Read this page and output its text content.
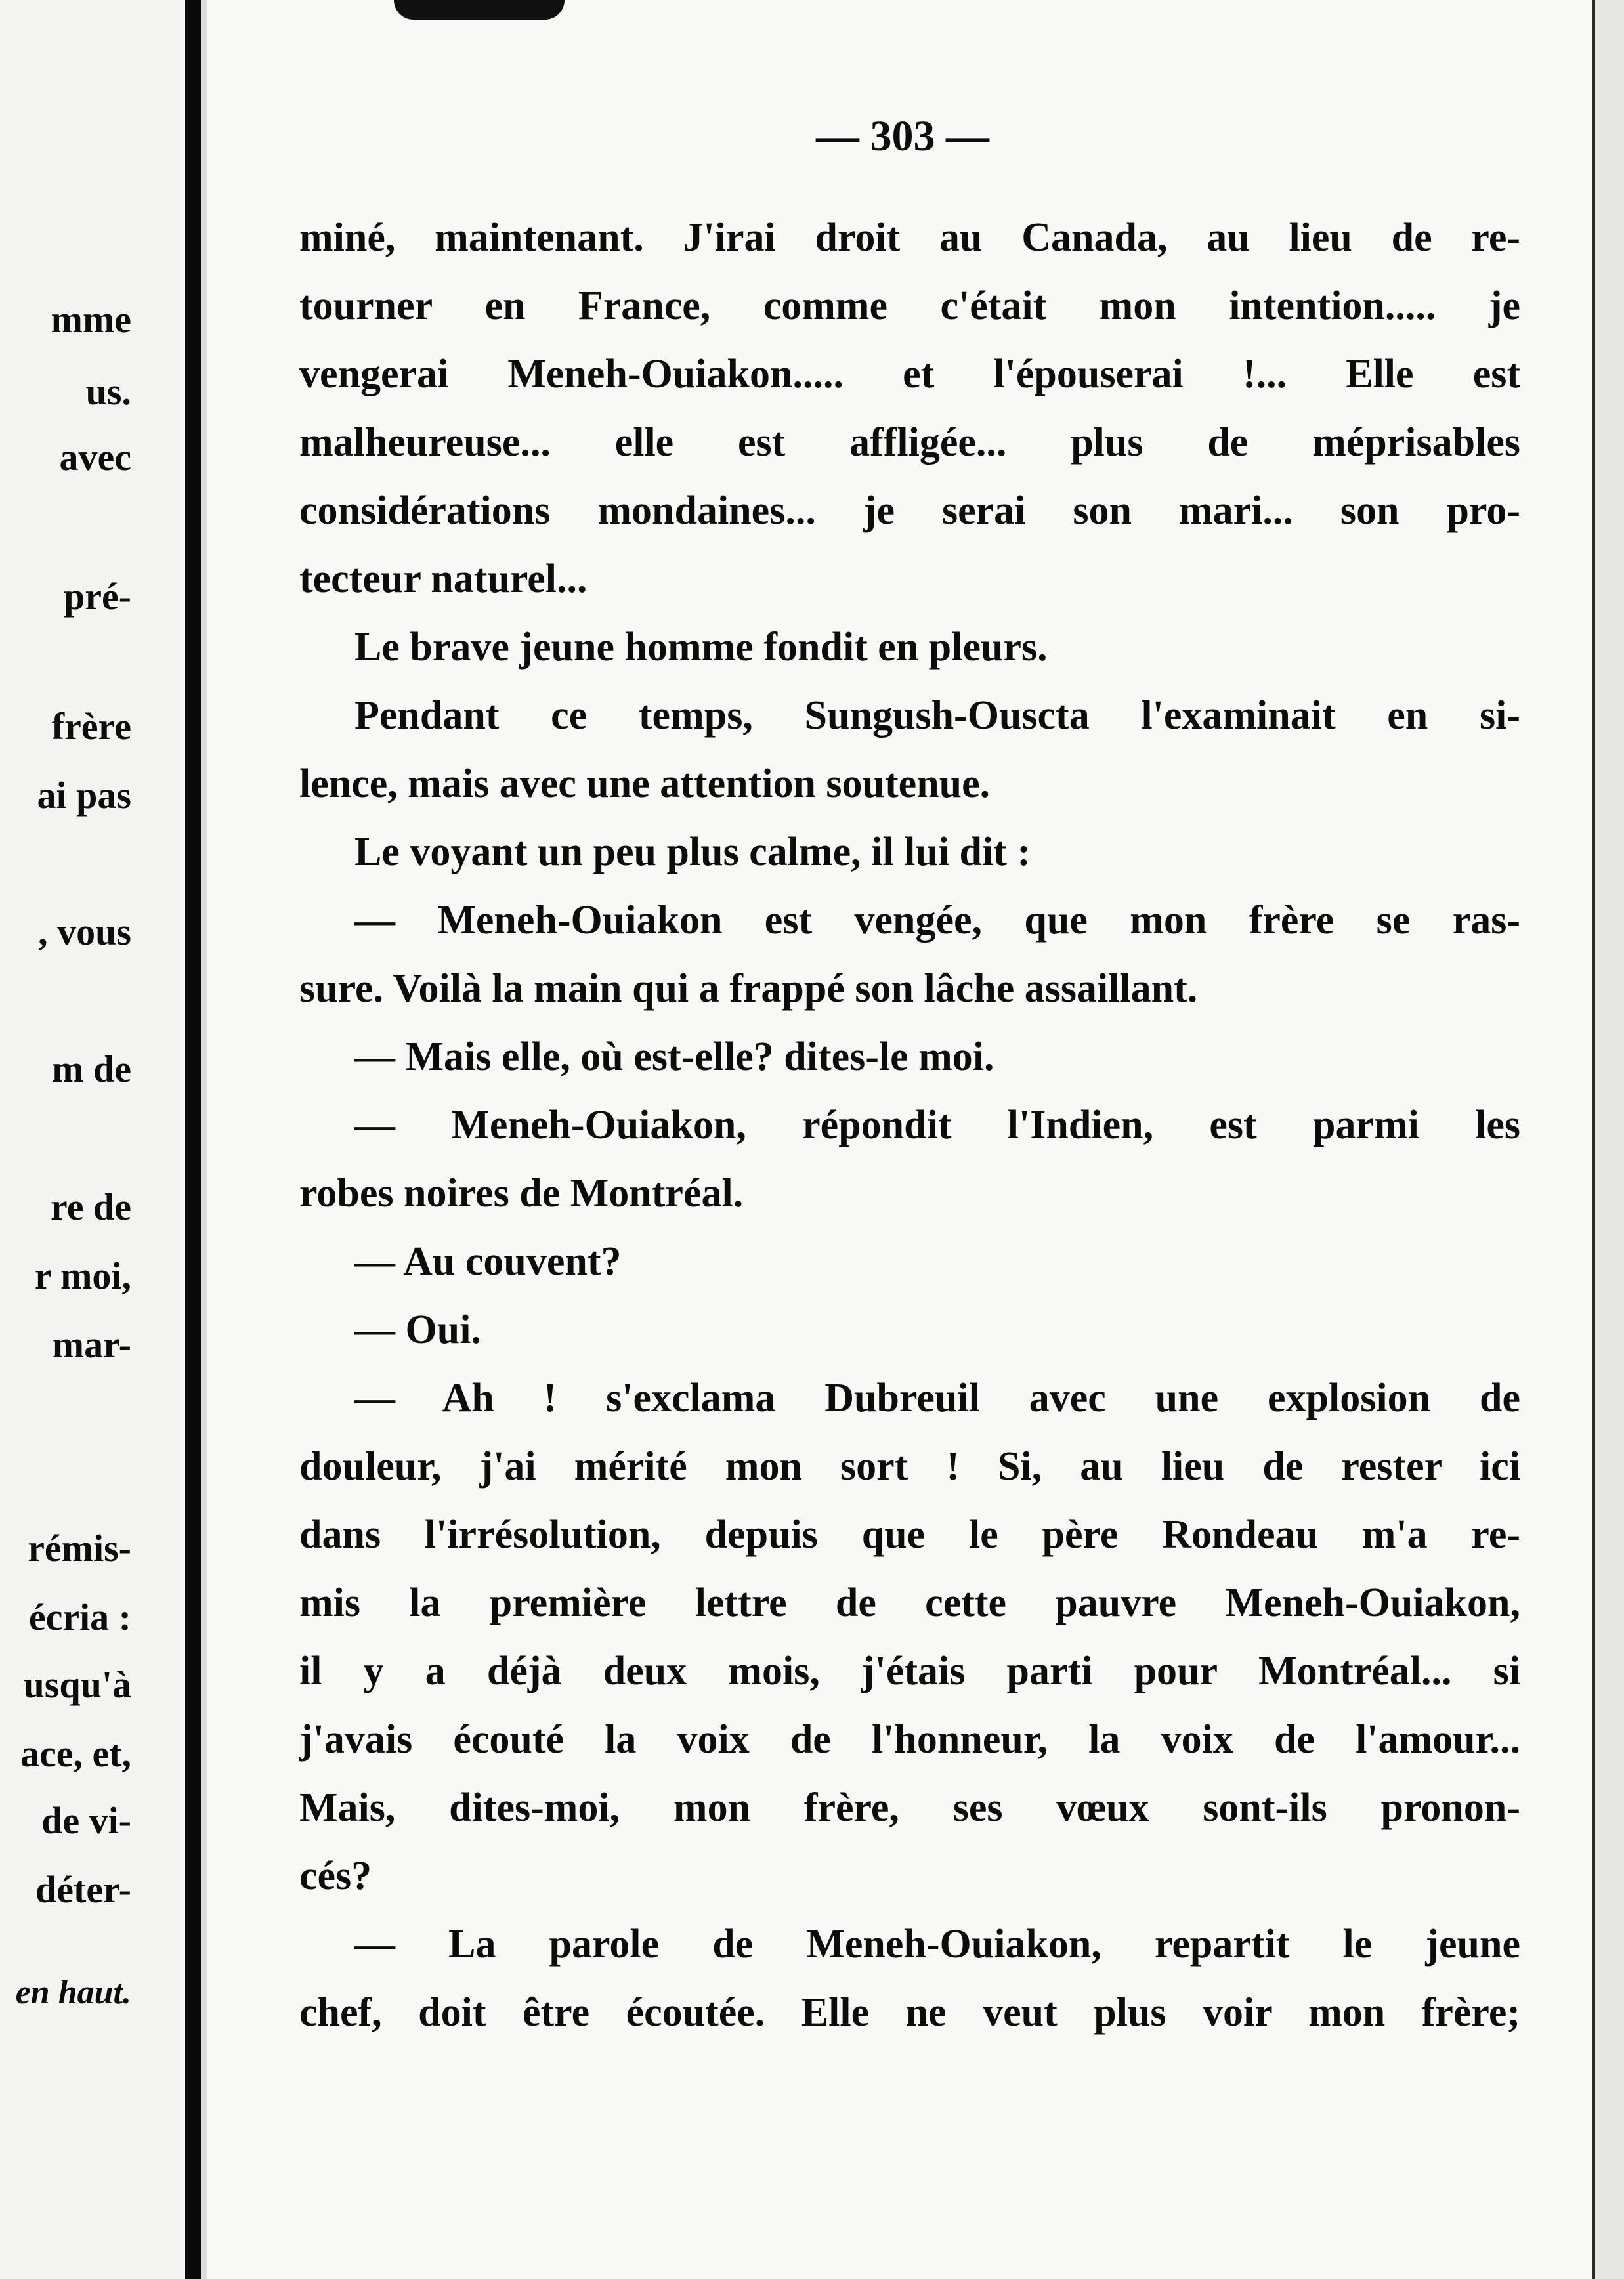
mme

us.

avec

pré-

frère

ai pas

, vous

m de

re de

r moi,

mar-

rémis-

écria :

usqu'à

ace, et,

de vi-

déter-

en haut.

— 303 —

miné, maintenant. J'irai droit au Canada, au lieu de re-

tourner en France, comme c'était mon intention..... je

vengerai Meneh-Ouiakon..... et l'épouserai !... Elle est

malheureuse... elle est affligée... plus de méprisables

considérations mondaines... je serai son mari... son pro-

tecteur naturel...

Le brave jeune homme fondit en pleurs.

Pendant ce temps, Sungush-Ouscta l'examinait en si-

lence, mais avec une attention soutenue.

Le voyant un peu plus calme, il lui dit :

— Meneh-Ouiakon est vengée, que mon frère se ras-

sure. Voilà la main qui a frappé son lâche assaillant.

— Mais elle, où est-elle? dites-le moi.

— Meneh-Ouiakon, répondit l'Indien, est parmi les

robes noires de Montréal.

— Au couvent?

— Oui.

— Ah ! s'exclama Dubreuil avec une explosion de

douleur, j'ai mérité mon sort ! Si, au lieu de rester ici

dans l'irrésolution, depuis que le père Rondeau m'a re-

mis la première lettre de cette pauvre Meneh-Ouiakon,

il y a déjà deux mois, j'étais parti pour Montréal... si

j'avais écouté la voix de l'honneur, la voix de l'amour...

Mais, dites-moi, mon frère, ses vœux sont-ils pronon-

cés?

— La parole de Meneh-Ouiakon, repartit le jeune

chef, doit être écoutée. Elle ne veut plus voir mon frère;
